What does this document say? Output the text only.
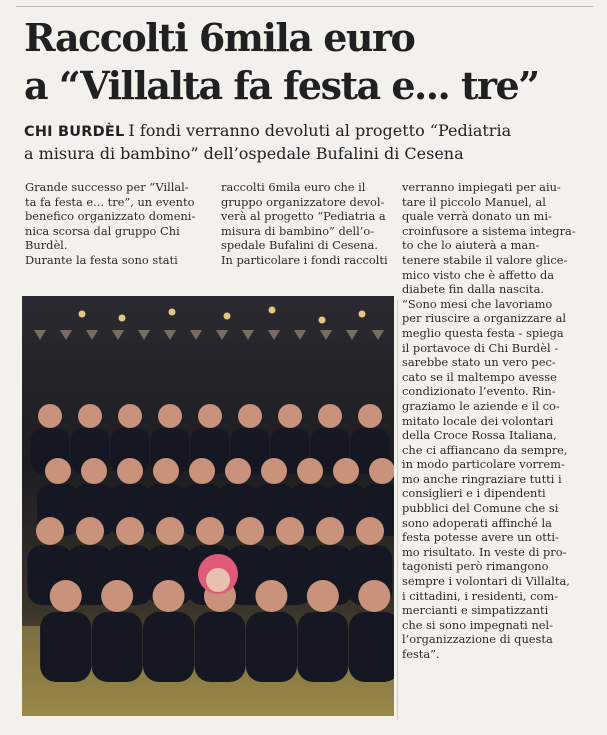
Raccolti 6mila euro
a “Villalta fa festa e... tre”
CHI BURDÈL I fondi verranno devoluti al progetto “Pediatria
a misura di bambino” dell’ospedale Bufalini di Cesena

Grande successo per “Villal-

ta fa festa e... tre”, un evento

benefico organizzato domeni-

nica scorsa dal gruppo Chi

Burdèl.

Durante la festa sono stati

raccolti 6mila euro che il

gruppo organizzatore devol-

verà al progetto “Pediatria a

misura di bambino” dell’o-

spedale Bufalini di Cesena.

In particolare i fondi raccolti

verranno impiegati per aiu-

tare il piccolo Manuel, al

quale verrà donato un mi-

croinfusore a sistema integra-

to che lo aiuterà a man-

tenere stabile il valore glice-

mico visto che è affetto da

diabete fin dalla nascita.

“Sono mesi che lavoriamo

per riuscire a organizzare al

meglio questa festa - spiega

il portavoce di Chi Burdèl -

sarebbe stato un vero pec-

cato se il maltempo avesse

condizionato l’evento. Rin-

graziamo le aziende e il co-

mitato locale dei volontari

della Croce Rossa Italiana,

che ci affiancano da sempre,

in modo particolare vorrem-

mo anche ringraziare tutti i

consiglieri e i dipendenti

pubblici del Comune che si

sono adoperati affinché la

festa potesse avere un otti-

mo risultato. In veste di pro-

tagonisti però rimangono

sempre i volontari di Villalta,

i cittadini, i residenti, com-

mercianti e simpatizzanti

che si sono impegnati nel-

l’organizzazione di questa

festa”.
